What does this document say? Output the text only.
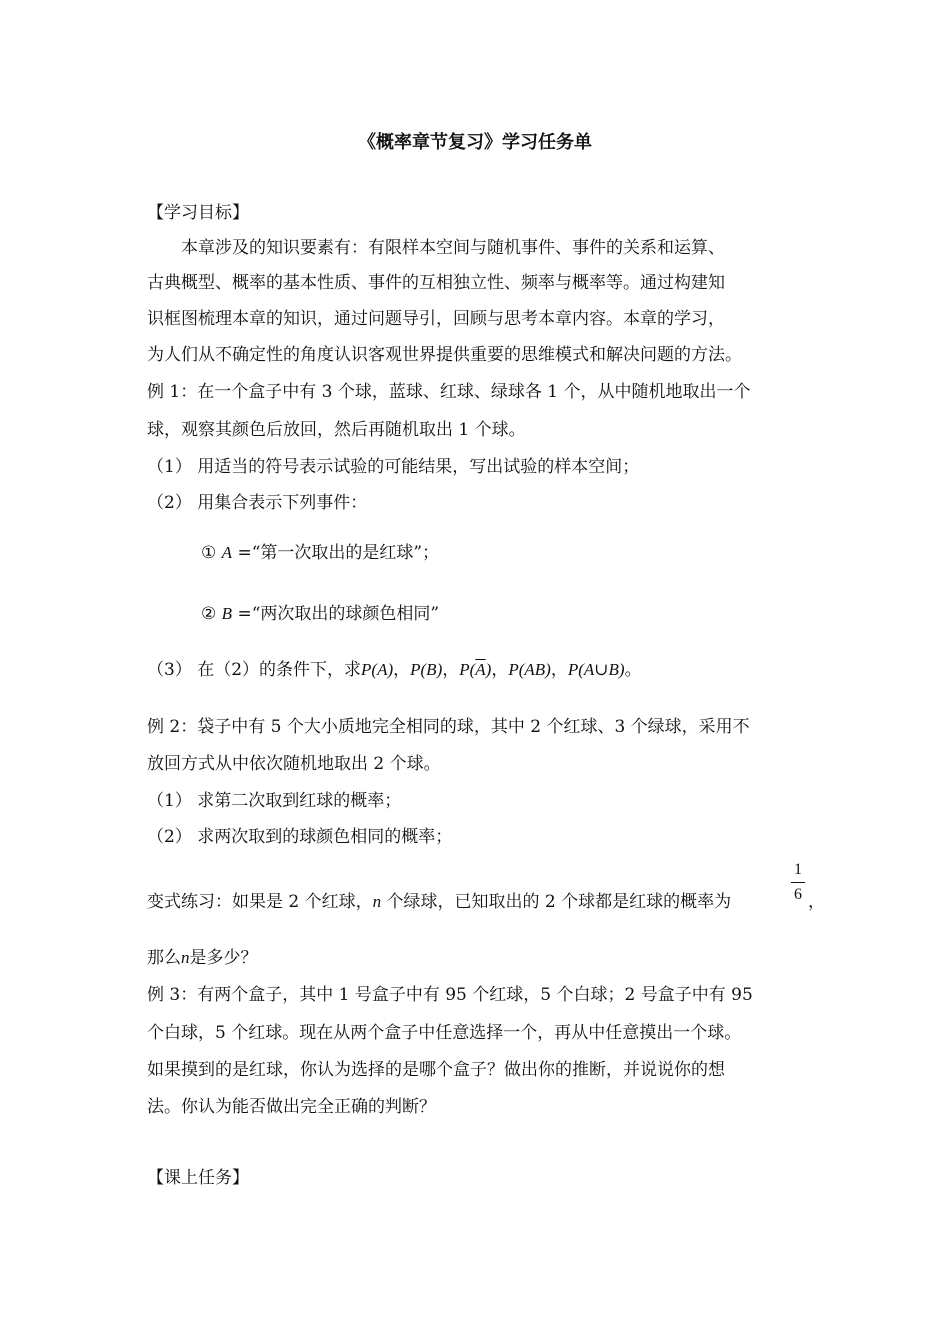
《概率章节复习》学习任务单
【学习目标】
　　本章涉及的知识要素有：有限样本空间与随机事件、事件的关系和运算、
古典概型、概率的基本性质、事件的互相独立性、频率与概率等。通过构建知
识框图梳理本章的知识，通过问题导引，回顾与思考本章内容。本章的学习，
为人们从不确定性的角度认识客观世界提供重要的思维模式和解决问题的方法。
例 1：在一个盒子中有 3 个球，蓝球、红球、绿球各 1 个，从中随机地取出一个
球，观察其颜色后放回，然后再随机取出 1 个球。
（1） 用适当的符号表示试验的可能结果，写出试验的样本空间；
（2） 用集合表示下列事件：
① A =“第一次取出的是红球”；
② B =“两次取出的球颜色相同”
（3） 在（2）的条件下，求P(A)，P(B)，$P(\overline{A})$，P(AB)，P(A∪B)。
例 2：袋子中有 5 个大小质地完全相同的球，其中 2 个红球、3 个绿球，采用不
放回方式从中依次随机地取出 2 个球。
（1） 求第二次取到红球的概率；
（2） 求两次取到的球颜色相同的概率；
变式练习：如果是 2 个红球，n 个绿球，已知取出的 2 个球都是红球的概率为
1
6 ，
那么n是多少？
例 3：有两个盒子，其中 1 号盒子中有 95 个红球，5 个白球；2 号盒子中有 95
个白球，5 个红球。现在从两个盒子中任意选择一个，再从中任意摸出一个球。
如果摸到的是红球，你认为选择的是哪个盒子？做出你的推断，并说说你的想
法。你认为能否做出完全正确的判断？
【课上任务】
